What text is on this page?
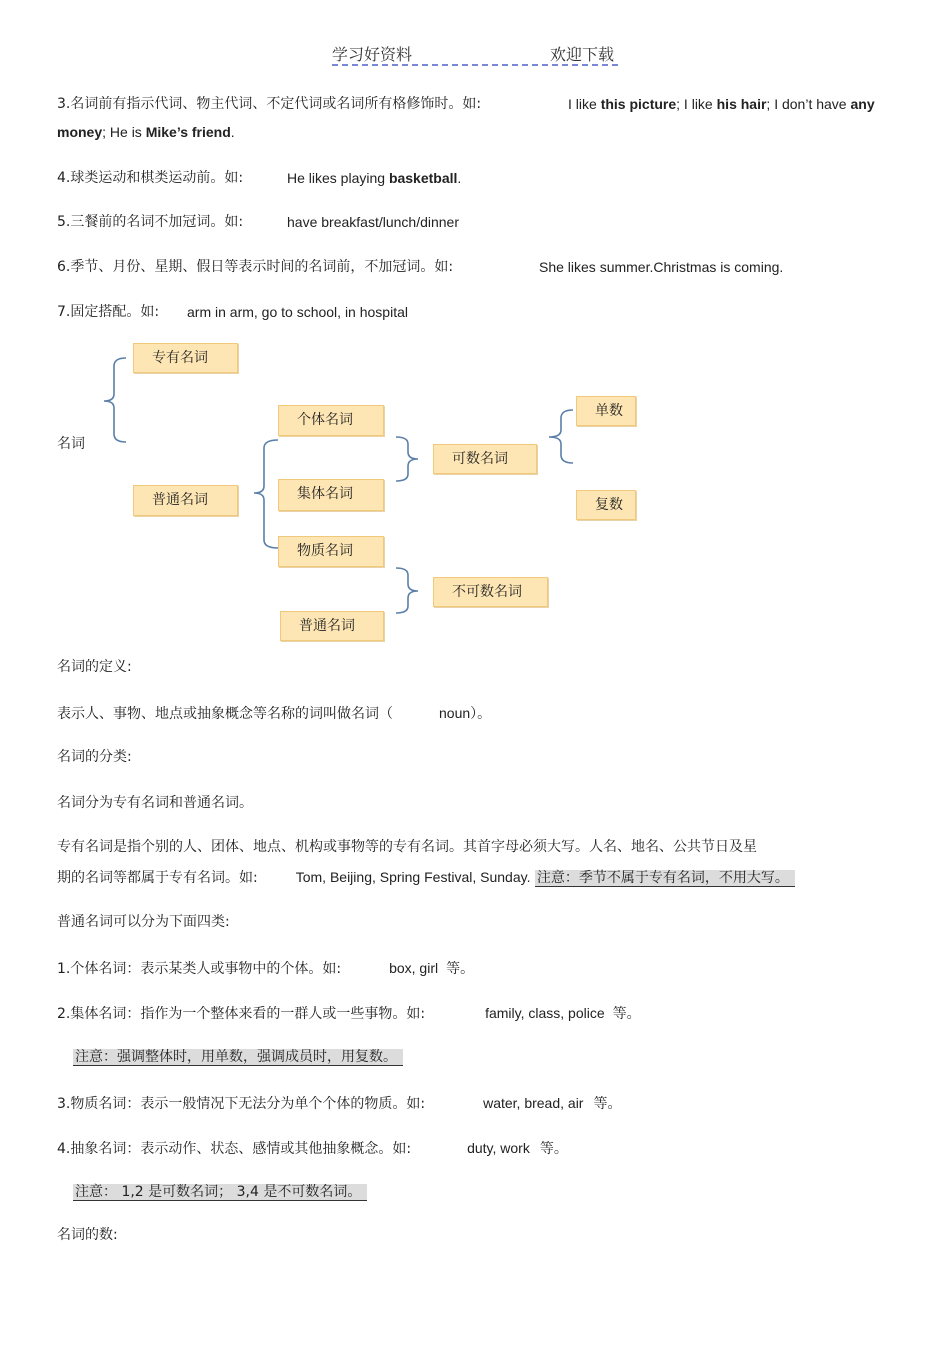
学习好资料	欢迎下载
3.名词前有指示代词、物主代词、不定代词或名词所有格修饰时。如:	I like this picture; I like his hair; I don’t have any
money; He is Mike’s friend.
4.球类运动和棋类运动前。如:	He likes playing basketball.
5.三餐前的名词不加冠词。如:	have breakfast/lunch/dinner
6.季节、月份、星期、假日等表示时间的名词前，不加冠词。如:	She likes summer.Christmas is coming.
7.固定搭配。如: arm in arm, go to school, in hospital
名词
专有名词
普通名词
个体名词
集体名词
物质名词
普通名词
可数名词
不可数名词
单数
复数
名词的定义:
表示人、事物、地点或抽象概念等名称的词叫做名词（	noun）。
名词的分类:
名词分为专有名词和普通名词。
专有名词是指个别的人、团体、地点、机构或事物等的专有名词。其首字母必须大写。人名、地名、公共节日及星
期的名词等都属于专有名词。如:	Tom, Beijing, Spring Festival, Sunday. 注意：季节不属于专有名词，不用大写。
普通名词可以分为下面四类:
1.个体名词：表示某类人或事物中的个体。如:	box, girl 等。
2.集体名词：指作为一个整体来看的一群人或一些事物。如:	family, class, police 等。
注意：强调整体时，用单数，强调成员时，用复数。
3.物质名词：表示一般情况下无法分为单个个体的物质。如:	water, bread, air 等。
4.抽象名词：表示动作、状态、感情或其他抽象概念。如:	duty, work 等。
注意： 1,2 是可数名词； 3,4 是不可数名词。
名词的数:
